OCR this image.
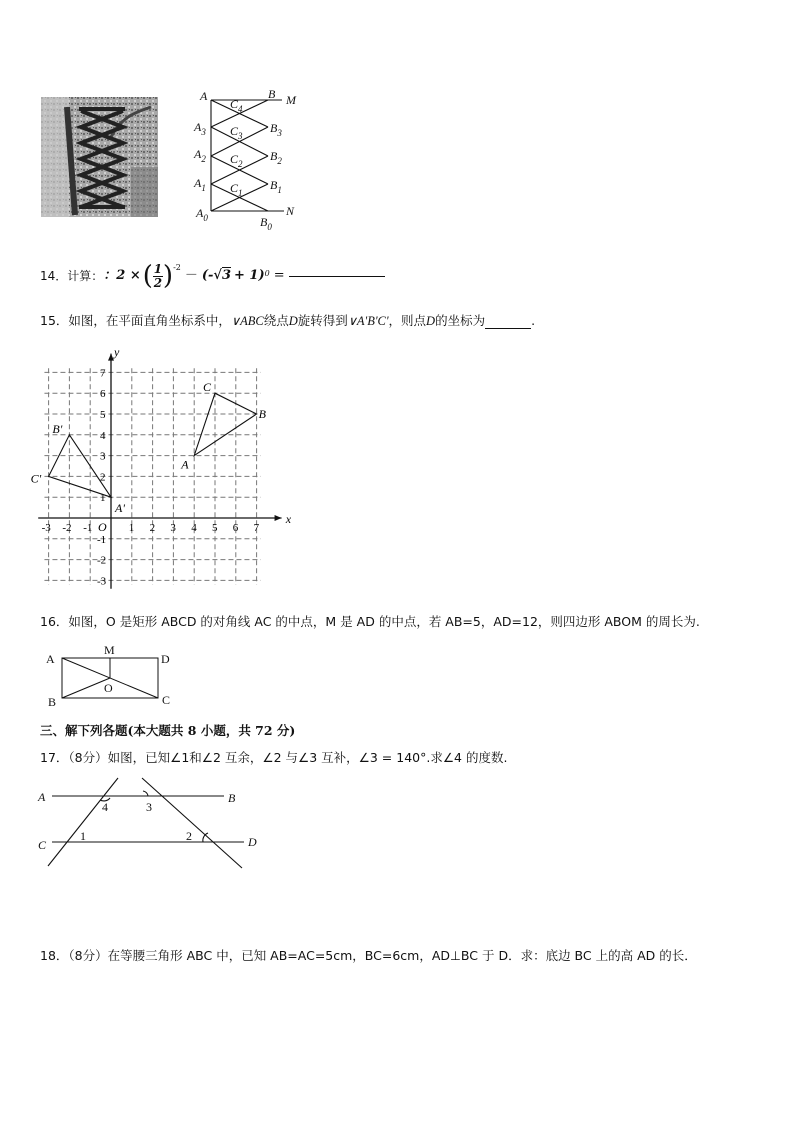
A	B M
$A_3$	$B_3$
$A_2$	$B_2$
$A_1$	$B_1$
$A_0$	$B_0$
N
$C_4$
$C_3$
$C_2$
$C_1$
14．计算： ：2 × ( 1
2 )$^{-2}$
－ (- √3 + 1) 0 =
15．如图，在平面直角坐标系中，∨ABC绕点D旋转得到∨A'B'C'，则点D的坐标为	.
x
y
O
-3 -2 -1	1 2 3 4 5 6 7
-3
-2
-1
1
2
3
4
5
6
7
A
B
C
A'
B'
C'
16．如图，O 是矩形 ABCD 的对角线 AC 的中点，M 是 AD 的中点，若 AB=5，AD=12，则四边形 ABOM 的周长为.
A
M
D
O
B	C
三、解下列各题(本大题共 8 小题，共 72 分)
17．（8分）如图，已知∠1和∠2 互余，∠2 与∠3 互补，∠3 = 140°.求∠4 的度数.
A	B
C	D
1	2
3
4
18．（8分）在等腰三角形 ABC 中，已知 AB=AC=5cm，BC=6cm，AD⊥BC 于 D．求：底边 BC 上的高 AD 的长．
